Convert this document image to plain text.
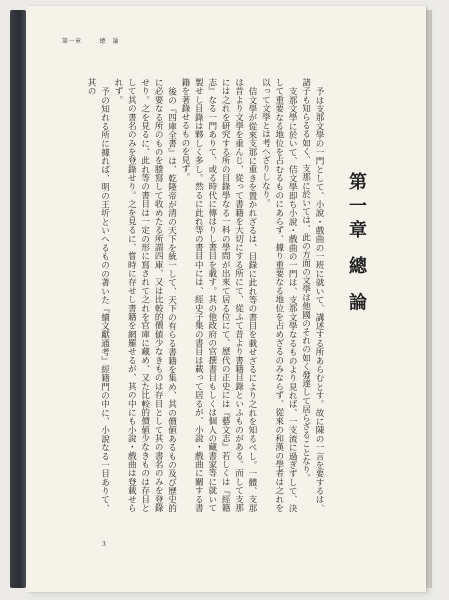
第一章	總　論
第一章 總 論

予は支那文學の一門として、小說・戲曲の一班に就いて、講述する所あらむとす。故に陳の一言を要するは、諸子も知らるる如く、支那に於いては、此の方面の文學は他國のそれの如く發達して居らざることなり。

支那文學に於いて、佶文學即ち小說・戲曲の一門は、支那文學なるものより見れば、一支流に過ぎずして、決して重要なる地位を占むるものにあらず、據り重要なる地位を占めざるのみならず、從來の和漢の學者は之れを以って文學とは考へざりしなり。

佶文學が從來支那に重きを置かれざるは、目錄に此れ等の書目を載せざるにより之れを知るべし。一體、支那は昔より文學を重んじ、從って書籍を大切にする所にて、從ふて昔より書籍目錄といふものがある。而して支那には之れを研究する所の目錄學なる一科の學問が出來て居る位にて、歷代の正史には『藝文志』若しくは『經籍志』なる一門ありて、或る時代に傳はりし書目を載す。其の他政府の官撰書目もしくは個人の藏書家等に就いて製せし目錄は夥しく多し。然るに此れ等の書目中には、經史子集の書目は載って居るが、小說・戲曲に關する書籍を著錄せるものを見ず。

後の『四庫全書』は、乾隆帝が清の天下を統一して、天下の有らる書籍を集め、其の價値あるもの及び歷史的に必要なる所のものを謄寫して收めたる所謂四庫、又は比較的價値少なきものは存目として其の書名のみを登錄せり。之を見るに、此れ等の書目は一定の形に寫されて之れを官庫に藏め、又た比較的價値少なきものは存目として其の書名のみを登錄せり。之を見るに、嘗時に存せし書籍を網羅せるが、其の中にも小說・戲曲は登載せられず。

予の知れる所に據れば、明の王圻といへるものの著いた『續文獻通考』經籍門の中に、小說なる一目ありて、其の

3
